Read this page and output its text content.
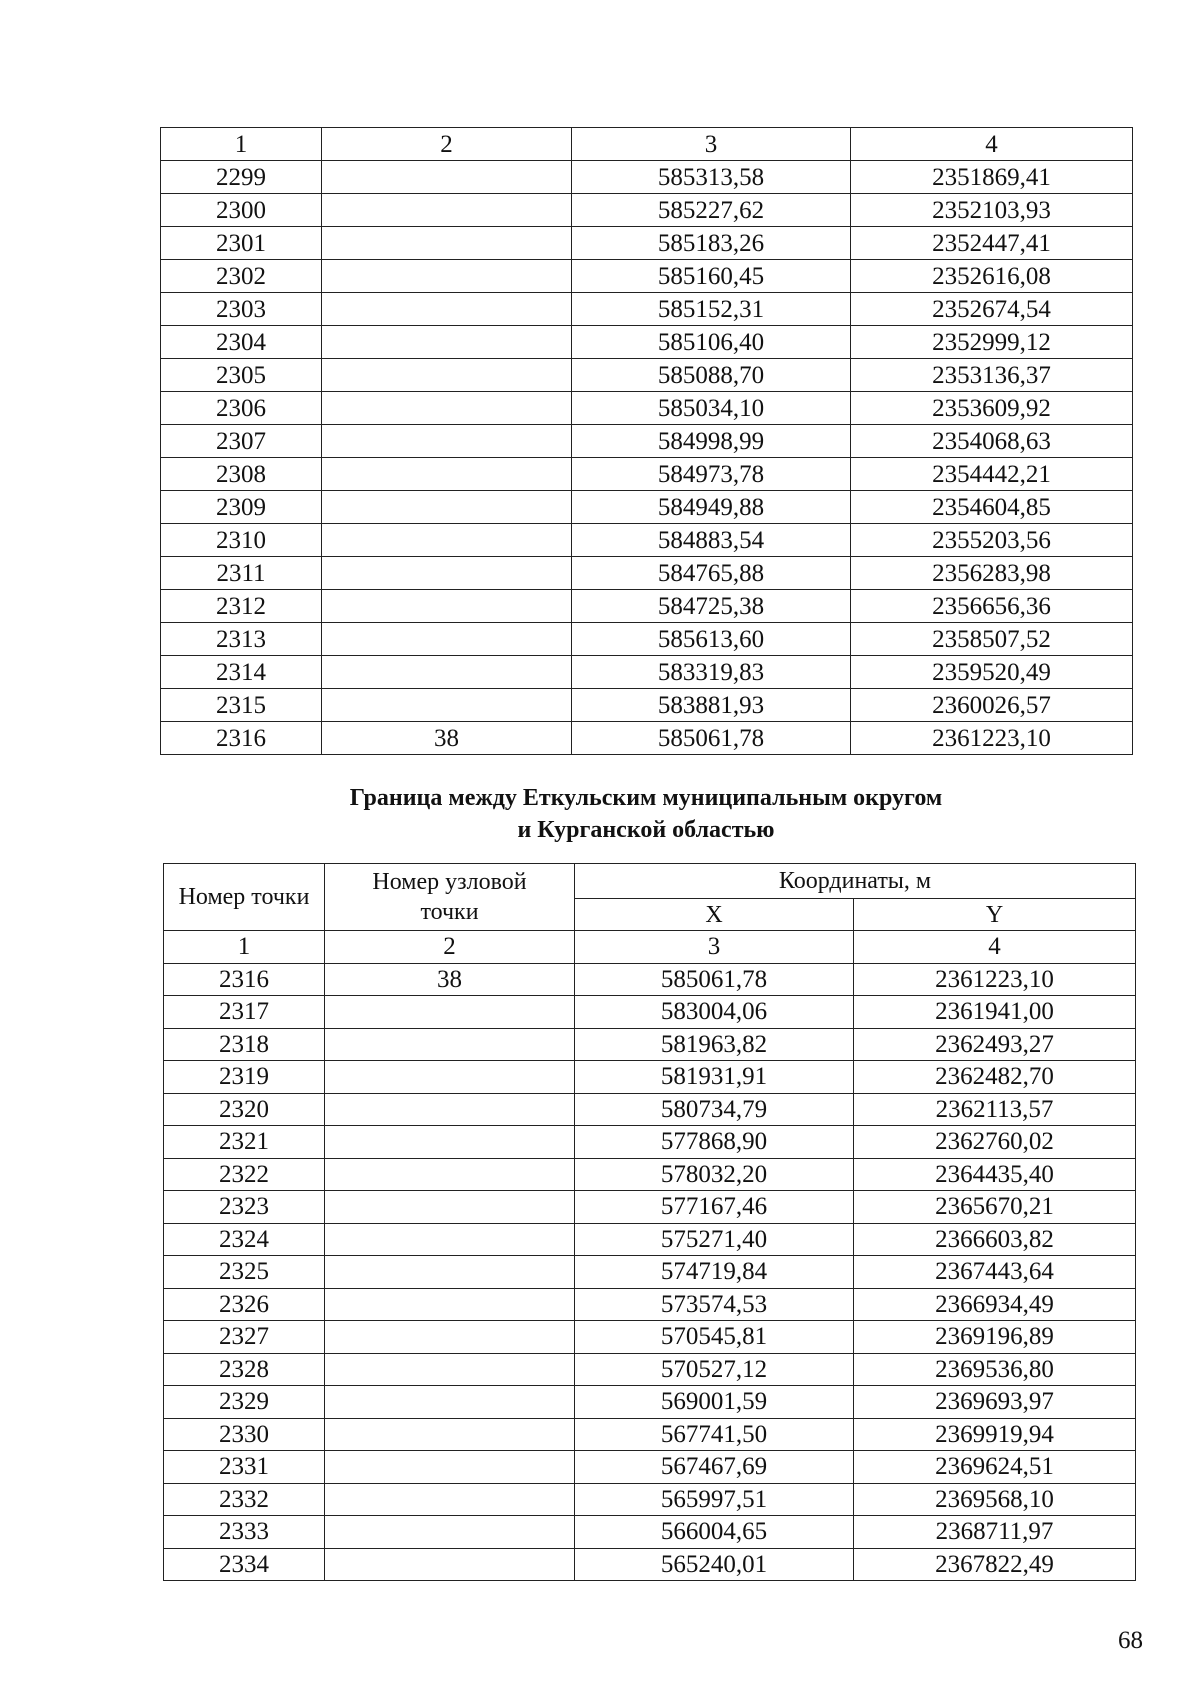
1	2	3	4
2299		585313,58	2351869,41
2300		585227,62	2352103,93
2301		585183,26	2352447,41
2302		585160,45	2352616,08
2303		585152,31	2352674,54
2304		585106,40	2352999,12
2305		585088,70	2353136,37
2306		585034,10	2353609,92
2307		584998,99	2354068,63
2308		584973,78	2354442,21
2309		584949,88	2354604,85
2310		584883,54	2355203,56
2311		584765,88	2356283,98
2312		584725,38	2356656,36
2313		585613,60	2358507,52
2314		583319,83	2359520,49
2315		583881,93	2360026,57
2316	38	585061,78	2361223,10
Граница между Еткульским муниципальным округом
и Курганской областью
Номер точки	Номер узловой точки	Координаты, м	
		X	Y
1	2	3	4
2316	38	585061,78	2361223,10
2317		583004,06	2361941,00
2318		581963,82	2362493,27
2319		581931,91	2362482,70
2320		580734,79	2362113,57
2321		577868,90	2362760,02
2322		578032,20	2364435,40
2323		577167,46	2365670,21
2324		575271,40	2366603,82
2325		574719,84	2367443,64
2326		573574,53	2366934,49
2327		570545,81	2369196,89
2328		570527,12	2369536,80
2329		569001,59	2369693,97
2330		567741,50	2369919,94
2331		567467,69	2369624,51
2332		565997,51	2369568,10
2333		566004,65	2368711,97
2334		565240,01	2367822,49
68
